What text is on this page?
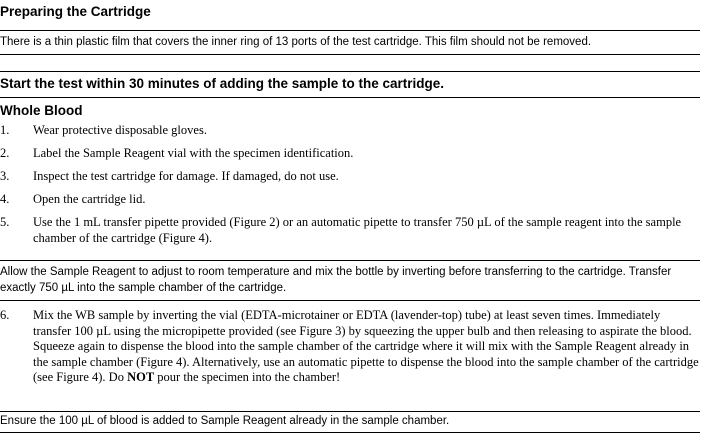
Preparing the Cartridge
There is a thin plastic film that covers the inner ring of 13 ports of the test cartridge. This film should not be removed.
Start the test within 30 minutes of adding the sample to the cartridge.
Whole Blood
1. Wear protective disposable gloves.
2. Label the Sample Reagent vial with the specimen identification.
3. Inspect the test cartridge for damage. If damaged, do not use.
4. Open the cartridge lid.
5. Use the 1 mL transfer pipette provided (Figure 2) or an automatic pipette to transfer 750 µL of the sample reagent into the sample chamber of the cartridge (Figure 4).
Allow the Sample Reagent to adjust to room temperature and mix the bottle by inverting before transferring to the cartridge. Transfer exactly 750 µL into the sample chamber of the cartridge.
6. Mix the WB sample by inverting the vial (EDTA-microtainer or EDTA (lavender-top) tube) at least seven times. Immediately transfer 100 µL using the micropipette provided (see Figure 3) by squeezing the upper bulb and then releasing to aspirate the blood. Squeeze again to dispense the blood into the sample chamber of the cartridge where it will mix with the Sample Reagent already in the sample chamber (Figure 4). Alternatively, use an automatic pipette to dispense the blood into the sample chamber of the cartridge (see Figure 4). Do NOT pour the specimen into the chamber!
Ensure the 100 µL of blood is added to Sample Reagent already in the sample chamber.
